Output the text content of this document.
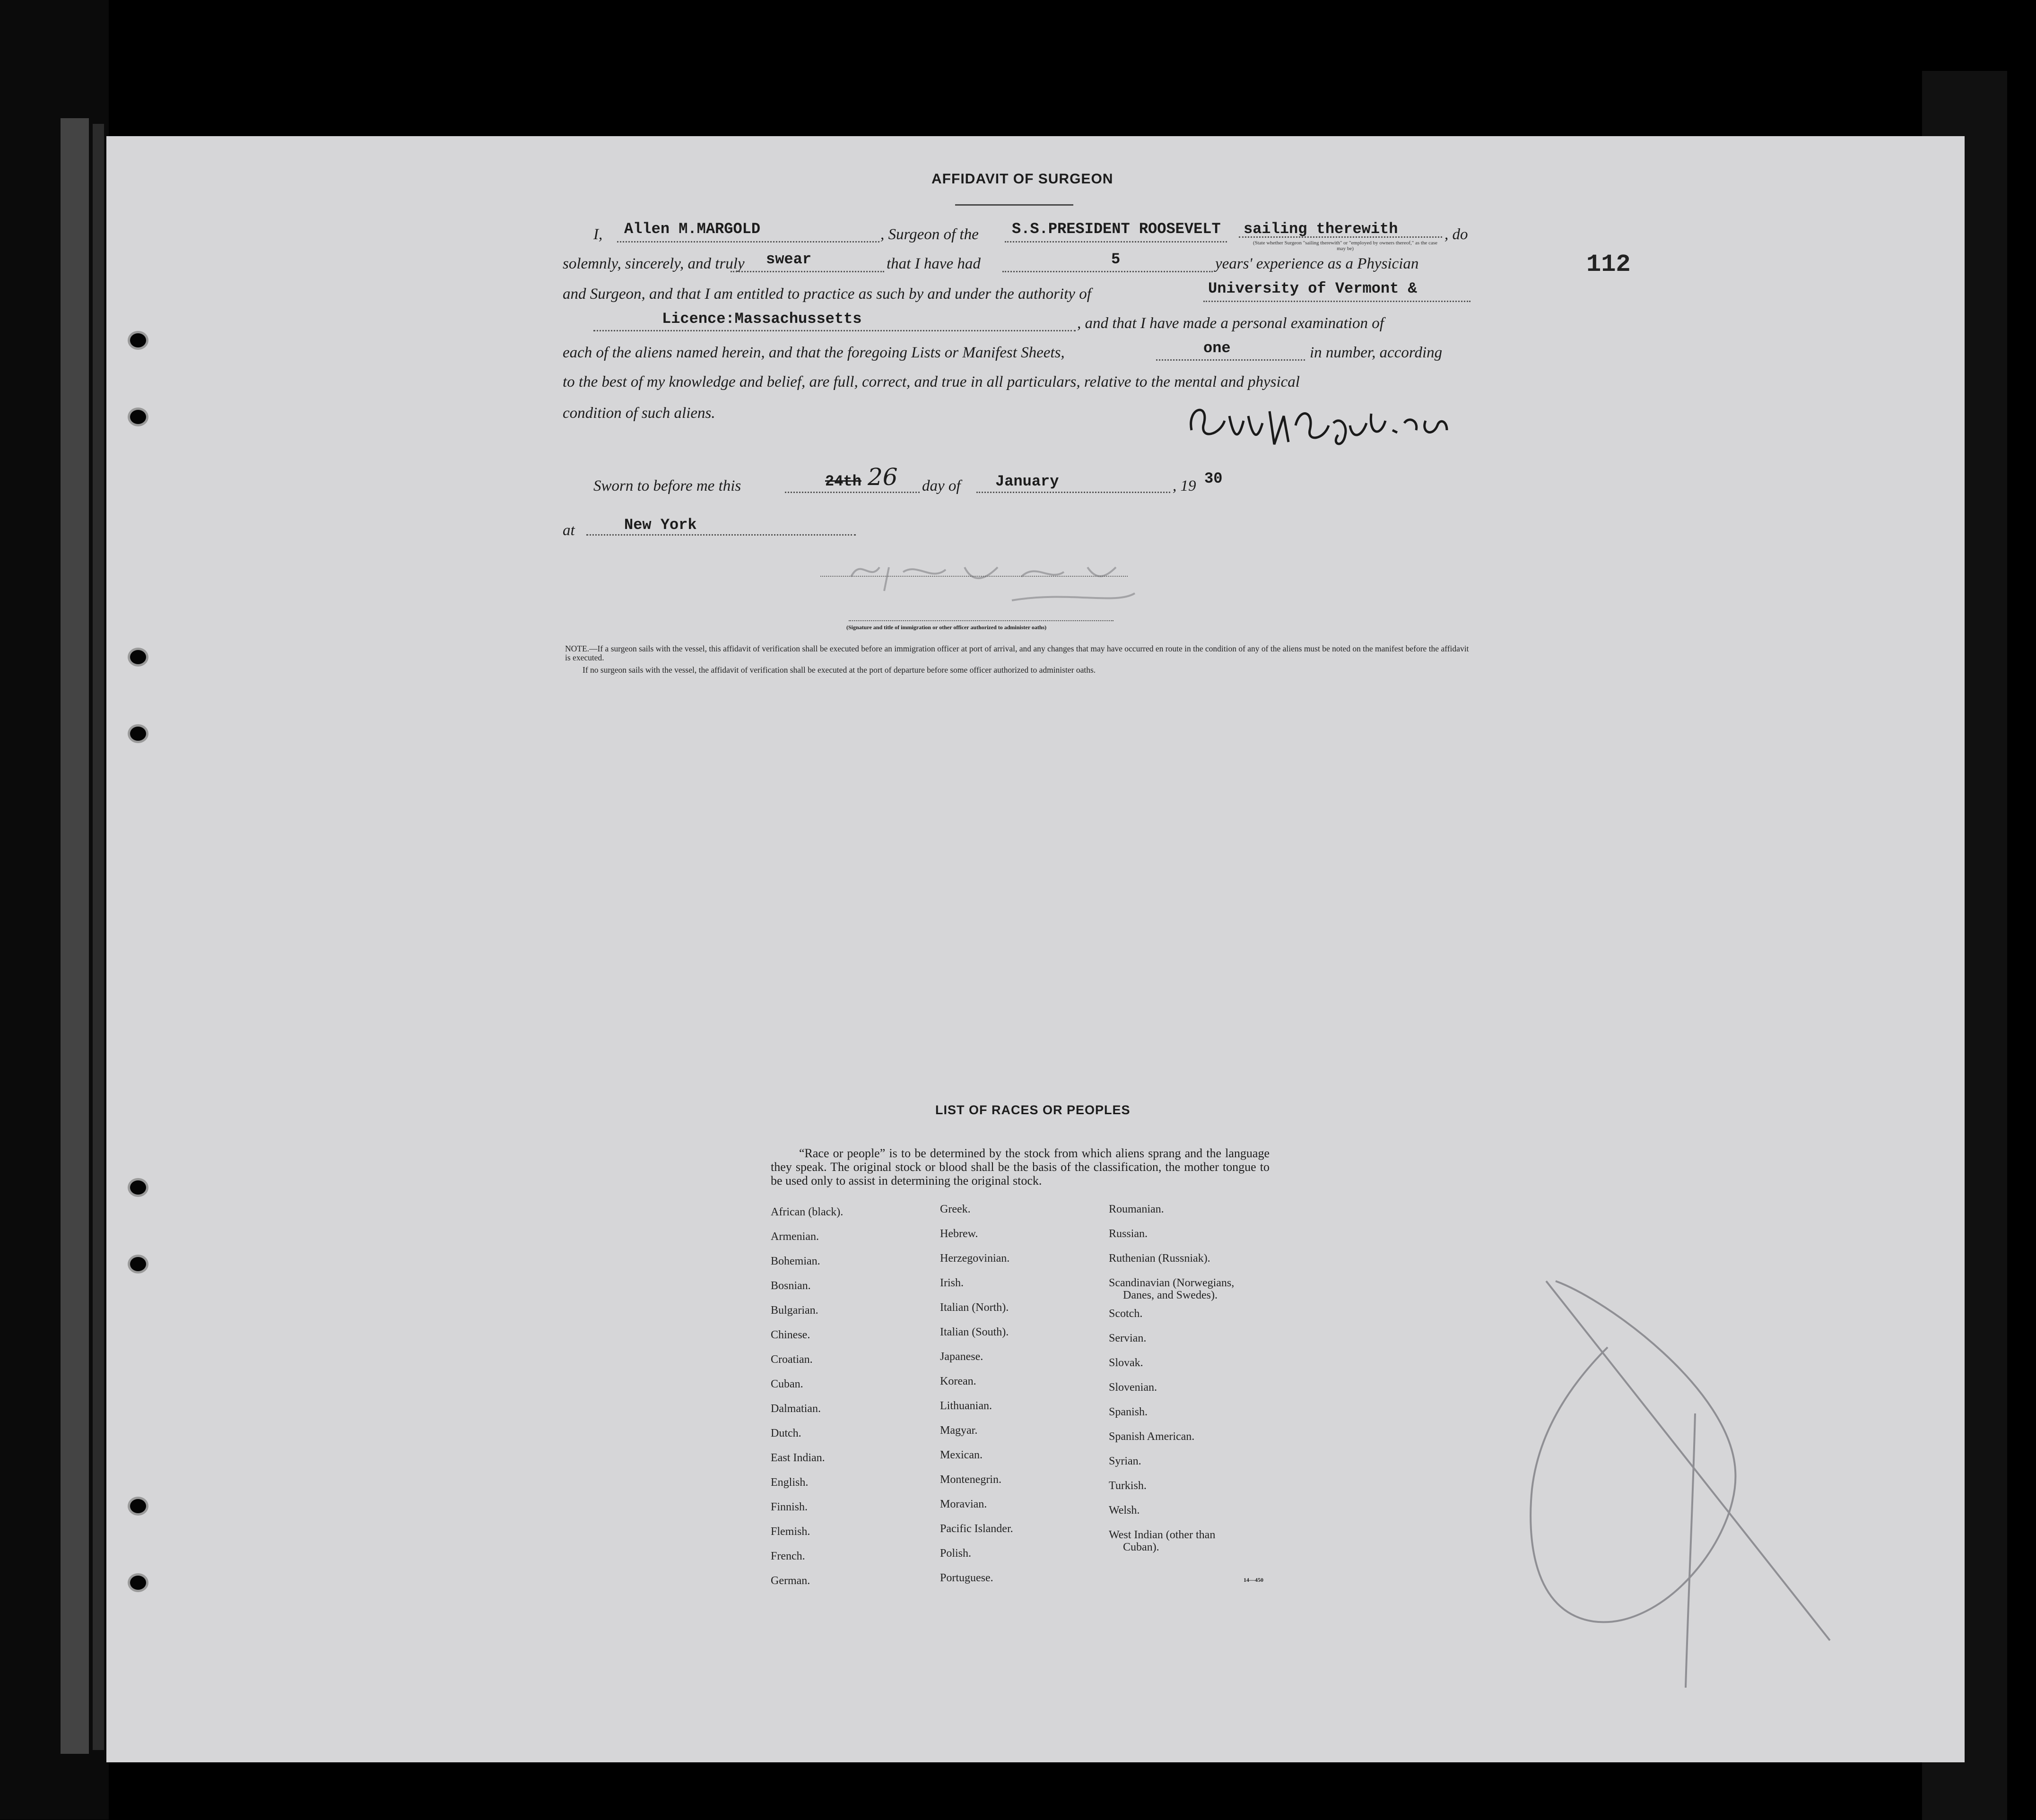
AFFIDAVIT OF SURGEON
112
I, Allen M.MARGOLD	, Surgeon of the S.S.PRESIDENT ROOSEVELT sailing therewith
(State whether Surgeon "sailing therewith" or "employed by owners thereof," as the case may be)
, do
solemnly, sincerely, and truly swear	that I have had	5	years' experience as a Physician
and Surgeon, and that I am entitled to practice as such by and under the authority of	University of Vermont &
Licence:Massachussetts	, and that I have made a personal examination of
each of the aliens named herein, and that the foregoing Lists or Manifest Sheets,	one	in number, according
to the best of my knowledge and belief, are full, correct, and true in all particulars, relative to the mental and physical
condition of such aliens.
Sworn to before me this	24th 26 day of January	, 19 30
at	New York
(Signature and title of immigration or other officer authorized to administer oaths)
NOTE.—If a surgeon sails with the vessel, this affidavit of verification shall be executed before an immigration officer at port of arrival, and any changes that may have occurred en route in the condition of any of the aliens must be noted on the manifest before the affidavit is executed.
If no surgeon sails with the vessel, the affidavit of verification shall be executed at the port of departure before some officer authorized to administer oaths.
LIST OF RACES OR PEOPLES
“Race or people” is to be determined by the stock from which aliens sprang and the language they speak. The original stock or blood shall be the basis of the classification, the mother tongue to be used only to assist in determining the original stock.
African (black).
Armenian.
Bohemian.
Bosnian.
Bulgarian.
Chinese.
Croatian.
Cuban.
Dalmatian.
Dutch.
East Indian.
English.
Finnish.
Flemish.
French.
German.
Greek.
Hebrew.
Herzegovinian.
Irish.
Italian (North).
Italian (South).
Japanese.
Korean.
Lithuanian.
Magyar.
Mexican.
Montenegrin.
Moravian.
Pacific Islander.
Polish.
Portuguese.
Roumanian.
Russian.
Ruthenian (Russniak).
Scandinavian (Norwegians,
Danes, and Swedes).
Scotch.
Servian.
Slovak.
Slovenian.
Spanish.
Spanish American.
Syrian.
Turkish.
Welsh.
West Indian (other than
Cuban).
14—450
